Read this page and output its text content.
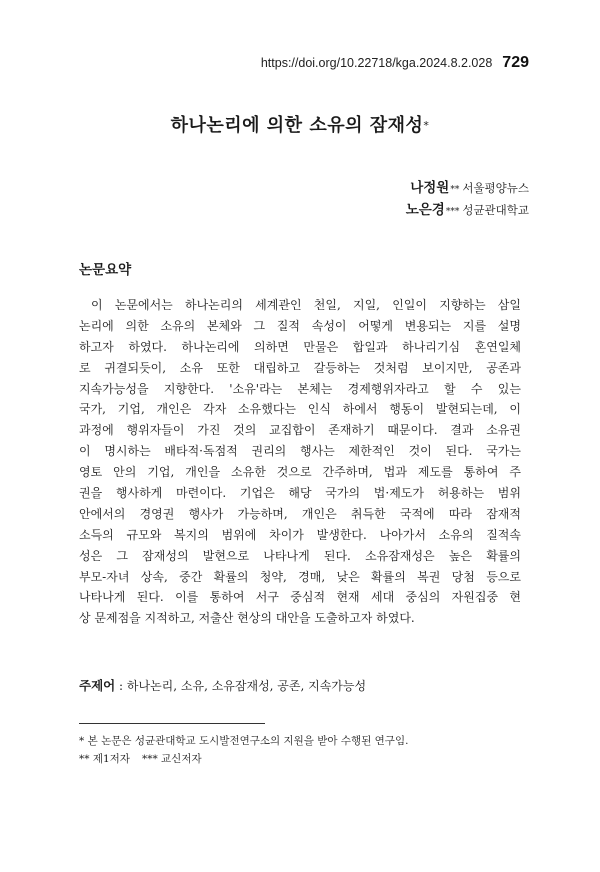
https://doi.org/10.22718/kga.2024.8.2.028 729
하나논리에 의한 소유의 잠재성*
나정원** 서울평양뉴스
노은경*** 성균관대학교
논문요약
이 논문에서는 하나논리의 세계관인 천일, 지일, 인일이 지향하는 삼일
논리에 의한 소유의 본체와 그 질적 속성이 어떻게 변용되는 지를 설명
하고자 하였다. 하나논리에 의하면 만물은 합일과 하나리기심 혼연일체
로 귀결되듯이, 소유 또한 대립하고 갈등하는 것처럼 보이지만, 공존과
지속가능성을 지향한다. '소유'라는 본체는 경제행위자라고 할 수 있는
국가, 기업, 개인은 각자 소유했다는 인식 하에서 행동이 발현되는데, 이
과정에 행위자들이 가진 것의 교집합이 존재하기 때문이다. 결과 소유권
이 명시하는 배타적·독점적 권리의 행사는 제한적인 것이 된다. 국가는
영토 안의 기업, 개인을 소유한 것으로 간주하며, 법과 제도를 통하여 주
권을 행사하게 마련이다. 기업은 해당 국가의 법·제도가 허용하는 범위
안에서의 경영권 행사가 가능하며, 개인은 취득한 국적에 따라 잠재적
소득의 규모와 복지의 범위에 차이가 발생한다. 나아가서 소유의 질적속
성은 그 잠재성의 발현으로 나타나게 된다. 소유잠재성은 높은 확률의
부모-자녀 상속, 중간 확률의 청약, 경매, 낮은 확률의 복권 당첨 등으로
나타나게 된다. 이를 통하여 서구 중심적 현재 세대 중심의 자원집중 현
상 문제점을 지적하고, 저출산 현상의 대안을 도출하고자 하였다.
주제어 : 하나논리, 소유, 소유잠재성, 공존, 지속가능성
* 본 논문은 성균관대학교 도시발전연구소의 지원을 받아 수행된 연구임.
** 제1저자 *** 교신저자
